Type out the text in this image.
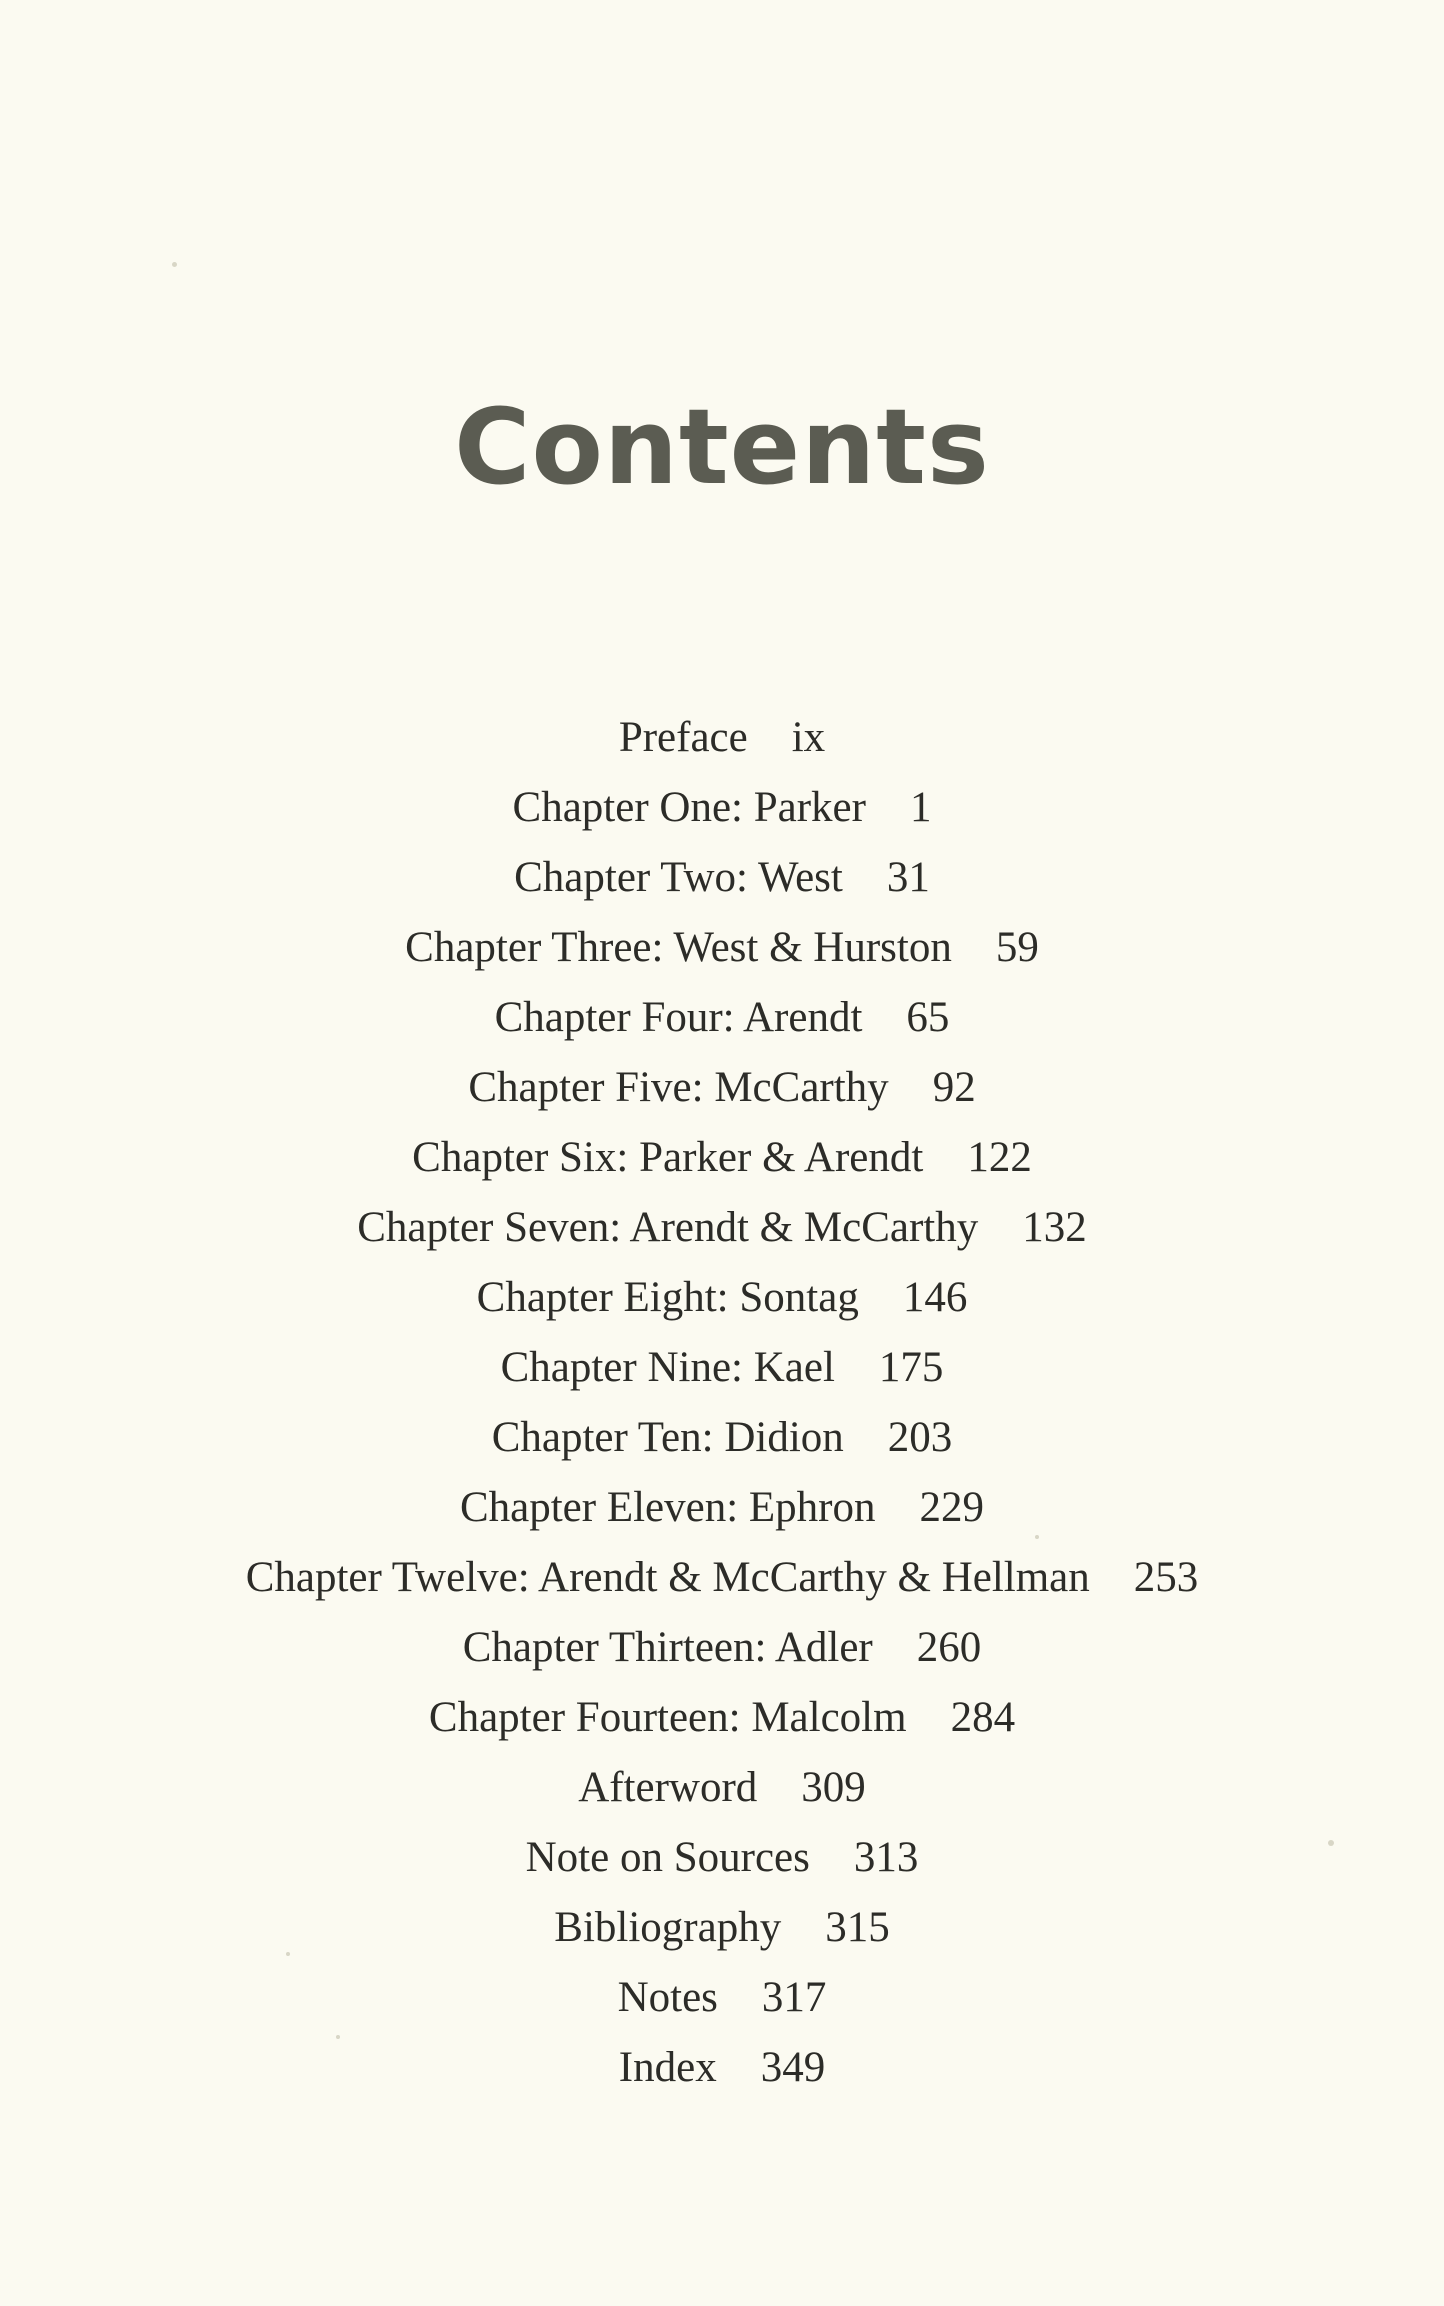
Contents
Preface ix
Chapter One: Parker 1
Chapter Two: West 31
Chapter Three: West & Hurston 59
Chapter Four: Arendt 65
Chapter Five: McCarthy 92
Chapter Six: Parker & Arendt 122
Chapter Seven: Arendt & McCarthy 132
Chapter Eight: Sontag 146
Chapter Nine: Kael 175
Chapter Ten: Didion 203
Chapter Eleven: Ephron 229
Chapter Twelve: Arendt & McCarthy & Hellman 253
Chapter Thirteen: Adler 260
Chapter Fourteen: Malcolm 284
Afterword 309
Note on Sources 313
Bibliography 315
Notes 317
Index 349
